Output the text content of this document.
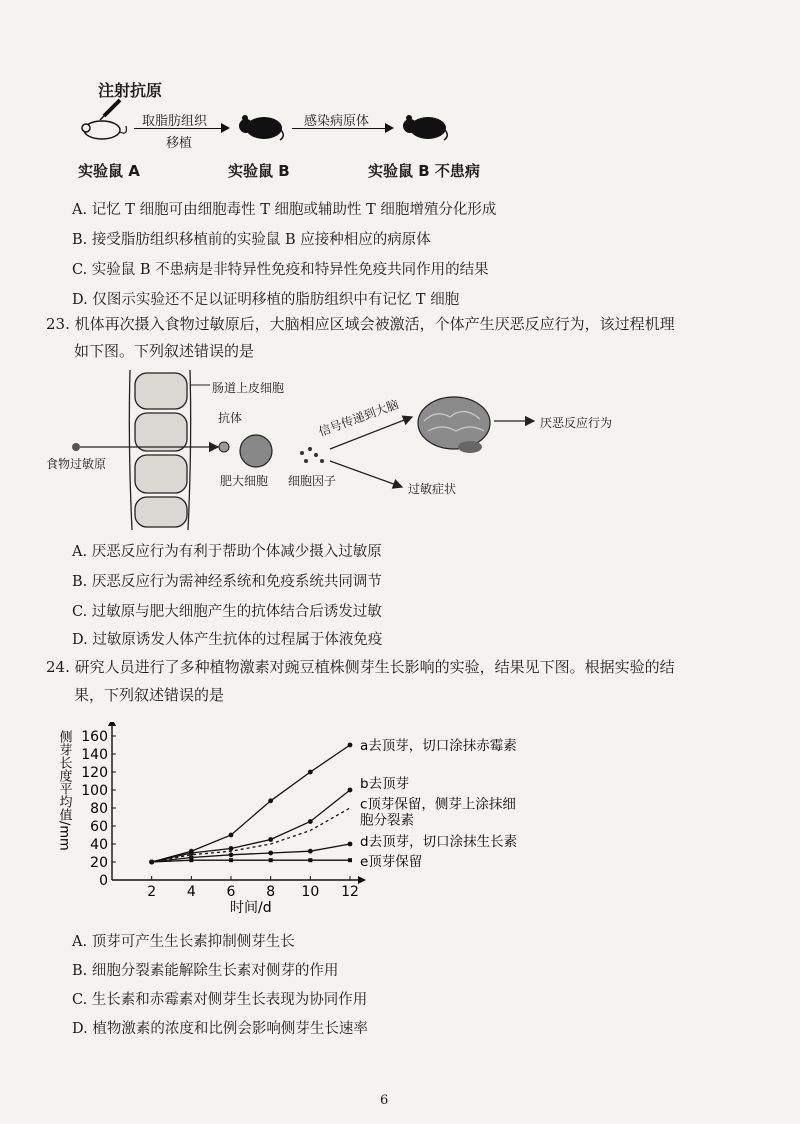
注射抗原
取脂肪组织
移植
感染病原体
实验鼠 A	实验鼠 B	实验鼠 B 不患病
A. 记忆 T 细胞可由细胞毒性 T 细胞或辅助性 T 细胞增殖分化形成
B. 接受脂肪组织移植前的实验鼠 B 应接种相应的病原体
C. 实验鼠 B 不患病是非特异性免疫和特异性免疫共同作用的结果
D. 仅图示实验还不足以证明移植的脂肪组织中有记忆 T 细胞
23. 机体再次摄入食物过敏原后，大脑相应区域会被激活，个体产生厌恶反应行为，该过程机理
如下图。下列叙述错误的是
肠道上皮细胞
抗体
食物过敏原
肥大细胞 细胞因子
信号传递到大脑	厌恶反应行为
过敏症状
A. 厌恶反应行为有利于帮助个体减少摄入过敏原
B. 厌恶反应行为需神经系统和免疫系统共同调节
C. 过敏原与肥大细胞产生的抗体结合后诱发过敏
D. 过敏原诱发人体产生抗体的过程属于体液免疫
24. 研究人员进行了多种植物激素对豌豆植株侧芽生长影响的实验，结果见下图。根据实验的结
果，下列叙述错误的是
0
20
40
60
80
100
120
140
160
2 4 6 8 10 12
侧芽长度平均值/mm
时间/d
a去顶芽，切口涂抹赤霉素
b去顶芽
c顶芽保留，侧芽上涂抹细
胞分裂素
d去顶芽，切口涂抹生长素
e顶芽保留
A. 顶芽可产生生长素抑制侧芽生长
B. 细胞分裂素能解除生长素对侧芽的作用
C. 生长素和赤霉素对侧芽生长表现为协同作用
D. 植物激素的浓度和比例会影响侧芽生长速率
6
